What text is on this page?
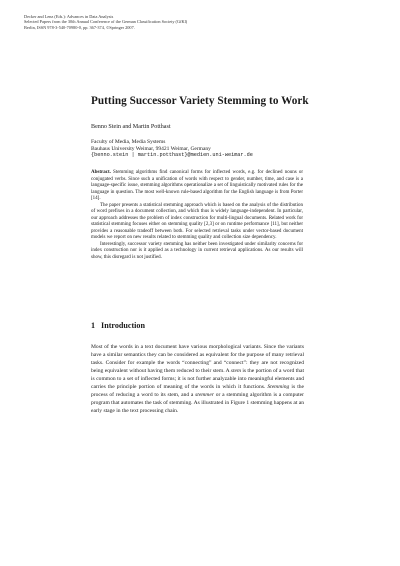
Decker and Lenz (Eds.): Advances in Data Analysis
Selected Papers from the 30th Annual Conference of the German Classification Society (GfKl)
Berlin, ISSN 978-3-540-70980-0, pp. 367-374, ©Springer 2007.
Putting Successor Variety Stemming to Work
Benno Stein and Martin Potthast
Faculty of Media, Media Systems
Bauhaus University Weimar, 99421 Weimar, Germany
{benno.stein | martin.potthast}@medien.uni-weimar.de

Abstract. Stemming algorithms find canonical forms for inflected words, e.g. for declined nouns or conjugated verbs. Since such a unification of words with respect to gender, number, time, and case is a language-specific issue, stemming algorithms operationalize a set of linguistically motivated rules for the language in question. The most well-known rule-based algorithm for the English language is from Porter [14].

The paper presents a statistical stemming approach which is based on the analysis of the distribution of word prefixes in a document collection, and which thus is widely language-independent. In particular, our approach addresses the problem of index construction for multi-lingual documents. Related work for statistical stemming focuses either on stemming quality [2,3] or on runtime performance [11], but neither provides a reasonable tradeoff between both. For selected retrieval tasks under vector-based document models we report on new results related to stemming quality and collection size dependency.

Interestingly, successor variety stemming has neither been investigated under similarity concerns for index construction nor is it applied as a technology in current retrieval applications. As our results will show, this disregard is not justified.

1 Introduction

Most of the words in a text document have various morphological variants. Since the variants have a similar semantics they can be considered as equivalent for the purpose of many retrieval tasks. Consider for example the words “connecting” and “connect”: they are not recognized being equivalent without having them reduced to their stem. A stem is the portion of a word that is common to a set of inflected forms; it is not further analyzable into meaningful elements and carries the principle portion of meaning of the words in which it functions. Stemming is the process of reducing a word to its stem, and a stemmer or a stemming algorithm is a computer program that automates the task of stemming. As illustrated in Figure 1 stemming happens at an early stage in the text processing chain.
